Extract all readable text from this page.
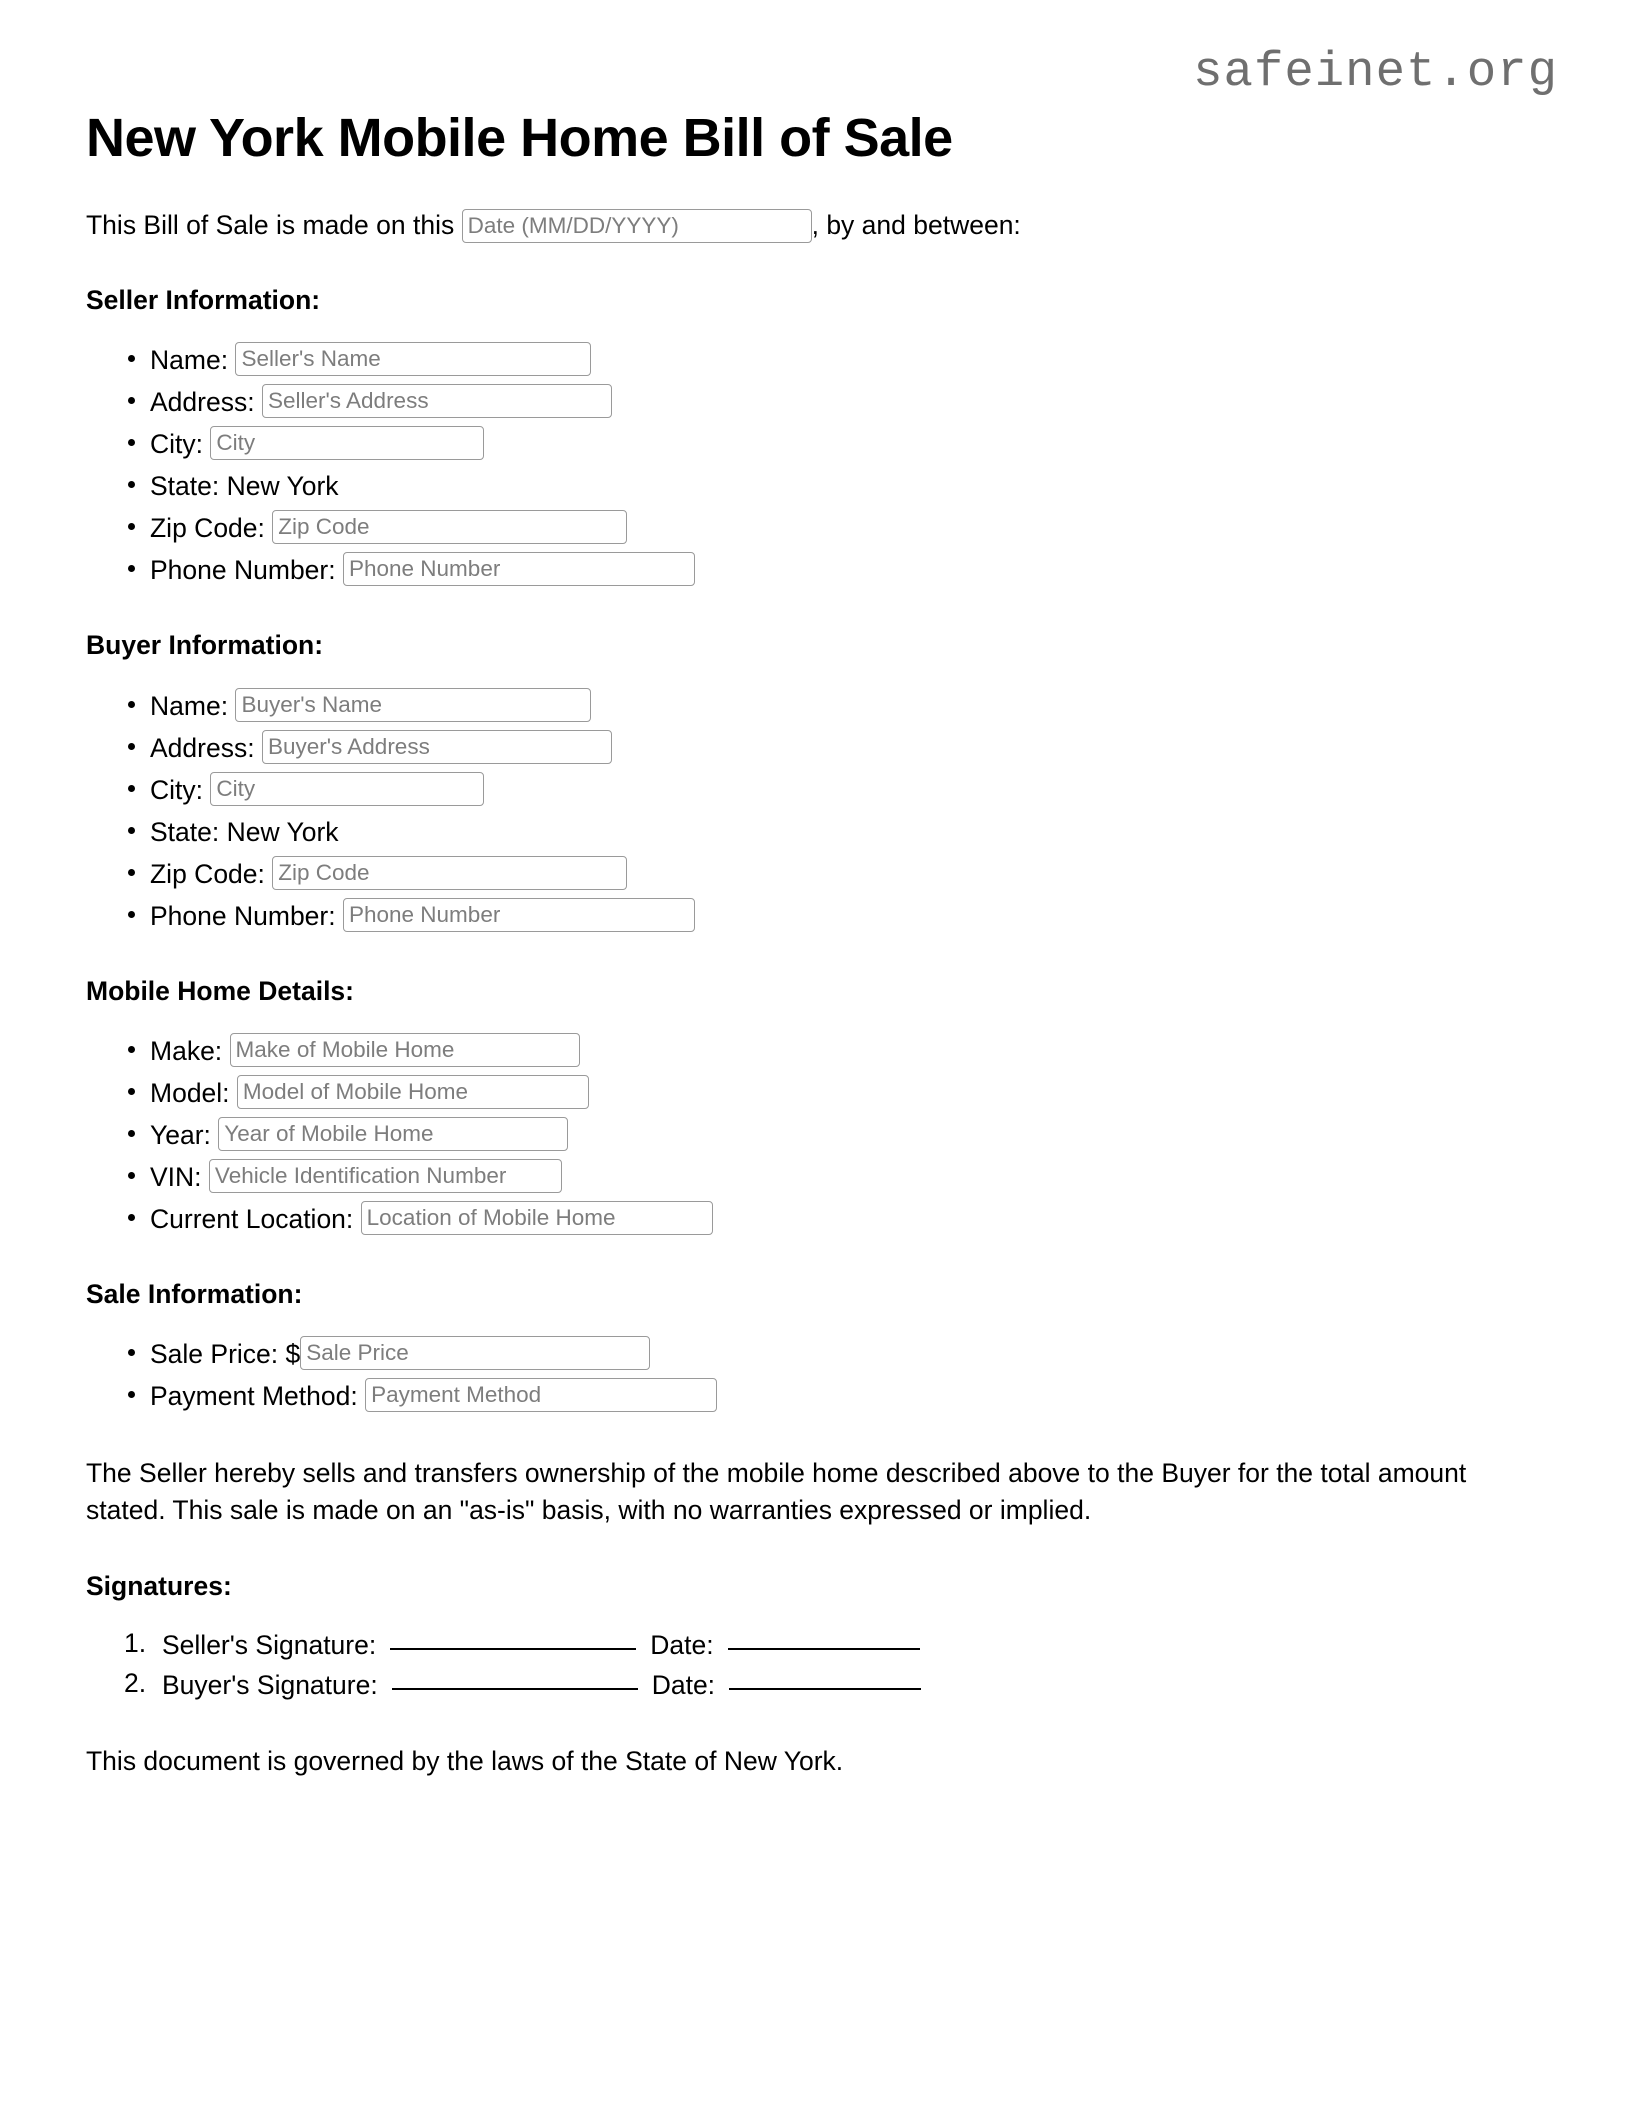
safeinet.org
New York Mobile Home Bill of Sale

This Bill of Sale is made on this Date (MM/DD/YYYY)	, by and between:

Seller Information:
Name: Seller's Name
Address: Seller's Address
City: City
State: New York
Zip Code: Zip Code
Phone Number: Phone Number
Buyer Information:
Name: Buyer's Name
Address: Buyer's Address
City: City
State: New York
Zip Code: Zip Code
Phone Number: Phone Number
Mobile Home Details:
Make: Make of Mobile Home
Model: Model of Mobile Home
Year: Year of Mobile Home
VIN: Vehicle Identification Number
Current Location: Location of Mobile Home
Sale Information:
Sale Price: $Sale Price
Payment Method: Payment Method

The Seller hereby sells and transfers ownership of the mobile home described above to the Buyer for the total amount stated. This sale is made on an "as-is" basis, with no warranties expressed or implied.

Signatures:
Seller's Signature:	Date:
Buyer's Signature:	Date:

This document is governed by the laws of the State of New York.
